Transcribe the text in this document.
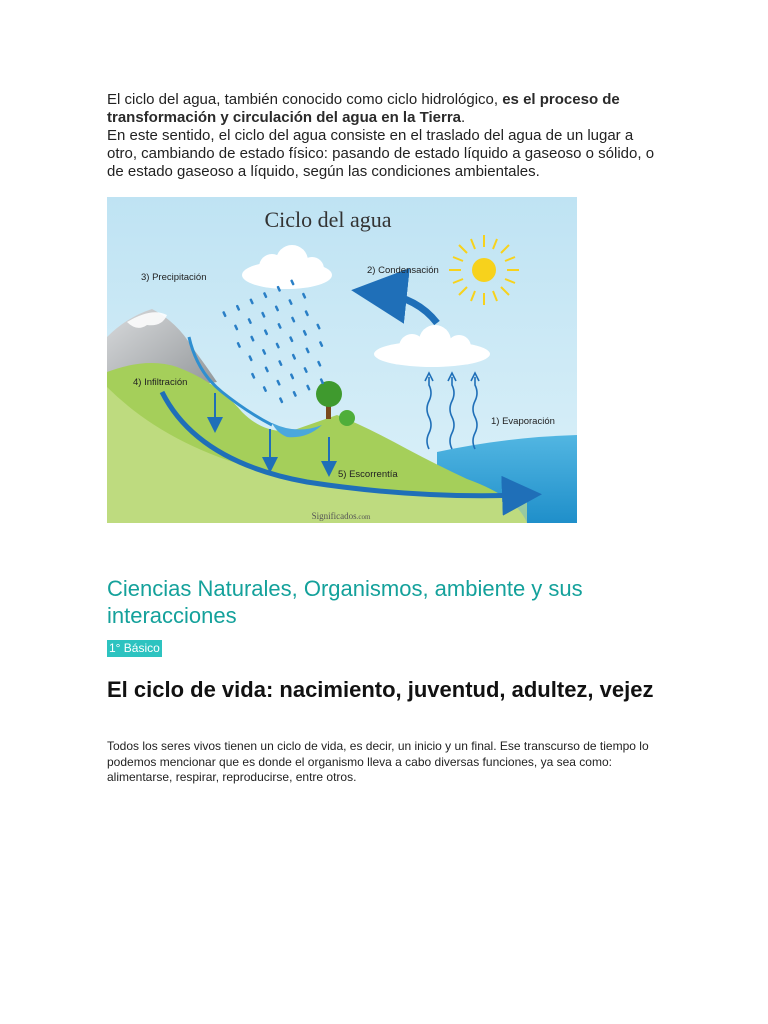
El ciclo del agua, también conocido como ciclo hidrológico, es el proceso de transformación y circulación del agua en la Tierra.

En este sentido, el ciclo del agua consiste en el traslado del agua de un lugar a otro, cambiando de estado físico: pasando de estado líquido a gaseoso o sólido, o de estado gaseoso a líquido, según las condiciones ambientales.

Ciclo del agua
3) Precipitación
2) Condensación
4) Infiltración
1) Evaporación
5) Escorrentía
Significados.com
Ciencias Naturales, Organismos, ambiente y sus interacciones
1° Básico
El ciclo de vida: nacimiento, juventud, adultez, vejez

Todos los seres vivos tienen un ciclo de vida, es decir, un inicio y un final. Ese transcurso de tiempo lo podemos mencionar que es donde el organismo lleva a cabo diversas funciones, ya sea como: alimentarse, respirar, reproducirse, entre otros.
